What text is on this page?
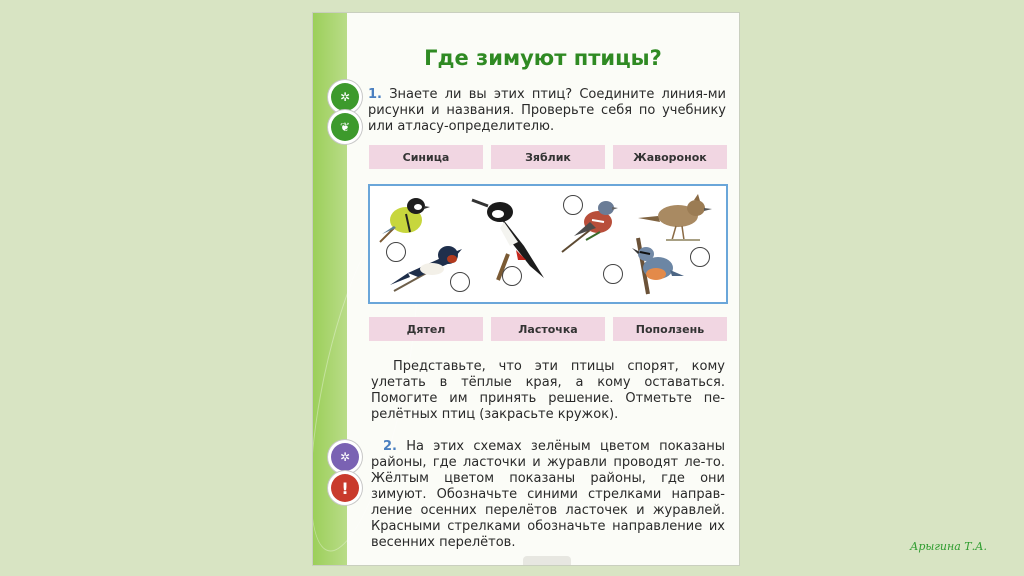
Где зимуют птицы?
✲
❦
1. Знаете ли вы этих птиц? Соедините линия-ми рисунки и названия. Проверьте себя по учебнику или атласу-определителю.
Синица	Зяблик	Жаворонок
Дятел	Ласточка	Поползень
Представьте, что эти птицы спорят, кому улетать в тёплые края, а кому оставаться. Помогите им принять решение. Отметьте пе-релётных птиц (закрасьте кружок).
✲
!
2. На этих схемах зелёным цветом показаны районы, где ласточки и журавли проводят ле-то. Жёлтым цветом показаны районы, где они зимуют. Обозначьте синими стрелками направ-ление осенних перелётов ласточек и журавлей. Красными стрелками обозначьте направление их весенних перелётов.	Арыгина Т.А.
